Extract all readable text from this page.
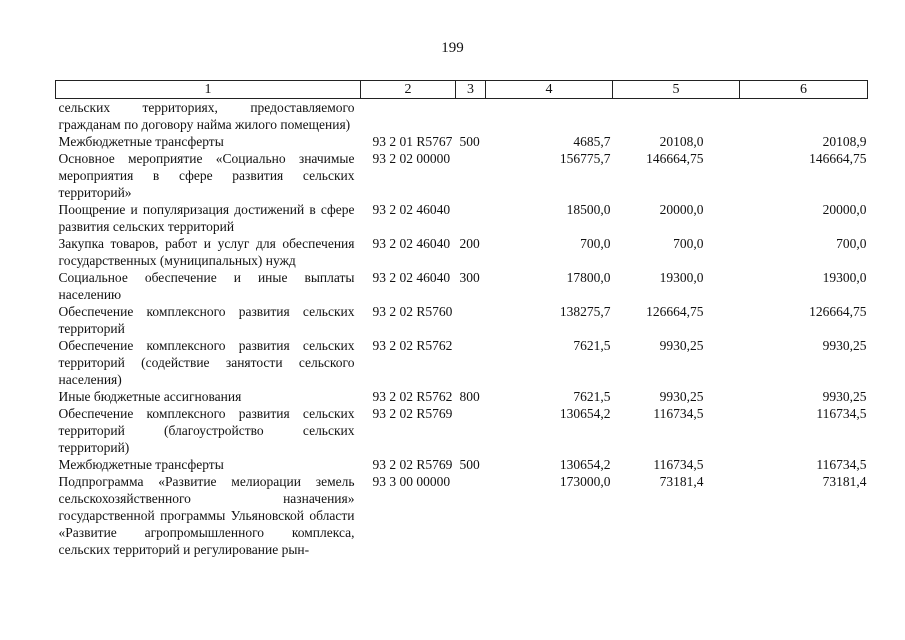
199
1	2	3	4	5	6
сельских территориях, предоставляемого гражданам по договору найма жилого помещения)					
Межбюджетные трансферты	93 2 01 R5767	500	4685,7	20108,0	20108,9
Основное мероприятие «Социально значимые мероприятия в сфере развития сельских территорий»	93 2 02 00000		156775,7	146664,75	146664,75
Поощрение и популяризация достижений в сфере развития сельских территорий	93 2 02 46040		18500,0	20000,0	20000,0
Закупка товаров, работ и услуг для обеспечения государственных (муниципальных) нужд	93 2 02 46040	200	700,0	700,0	700,0
Социальное обеспечение и иные выплаты населению	93 2 02 46040	300	17800,0	19300,0	19300,0
Обеспечение комплексного развития сельских территорий	93 2 02 R5760		138275,7	126664,75	126664,75
Обеспечение комплексного развития сельских территорий (содействие занятости сельского населения)	93 2 02 R5762		7621,5	9930,25	9930,25
Иные бюджетные ассигнования	93 2 02 R5762	800	7621,5	9930,25	9930,25
Обеспечение комплексного развития сельских территорий (благоустройство сельских территорий)	93 2 02 R5769		130654,2	116734,5	116734,5
Межбюджетные трансферты	93 2 02 R5769	500	130654,2	116734,5	116734,5
Подпрограмма «Развитие мелиорации земель сельскохозяйственного назначения» государственной программы Ульяновской области «Развитие агропромышленного комплекса, сельских территорий и регулирование рын-	93 3 00 00000		173000,0	73181,4	73181,4
